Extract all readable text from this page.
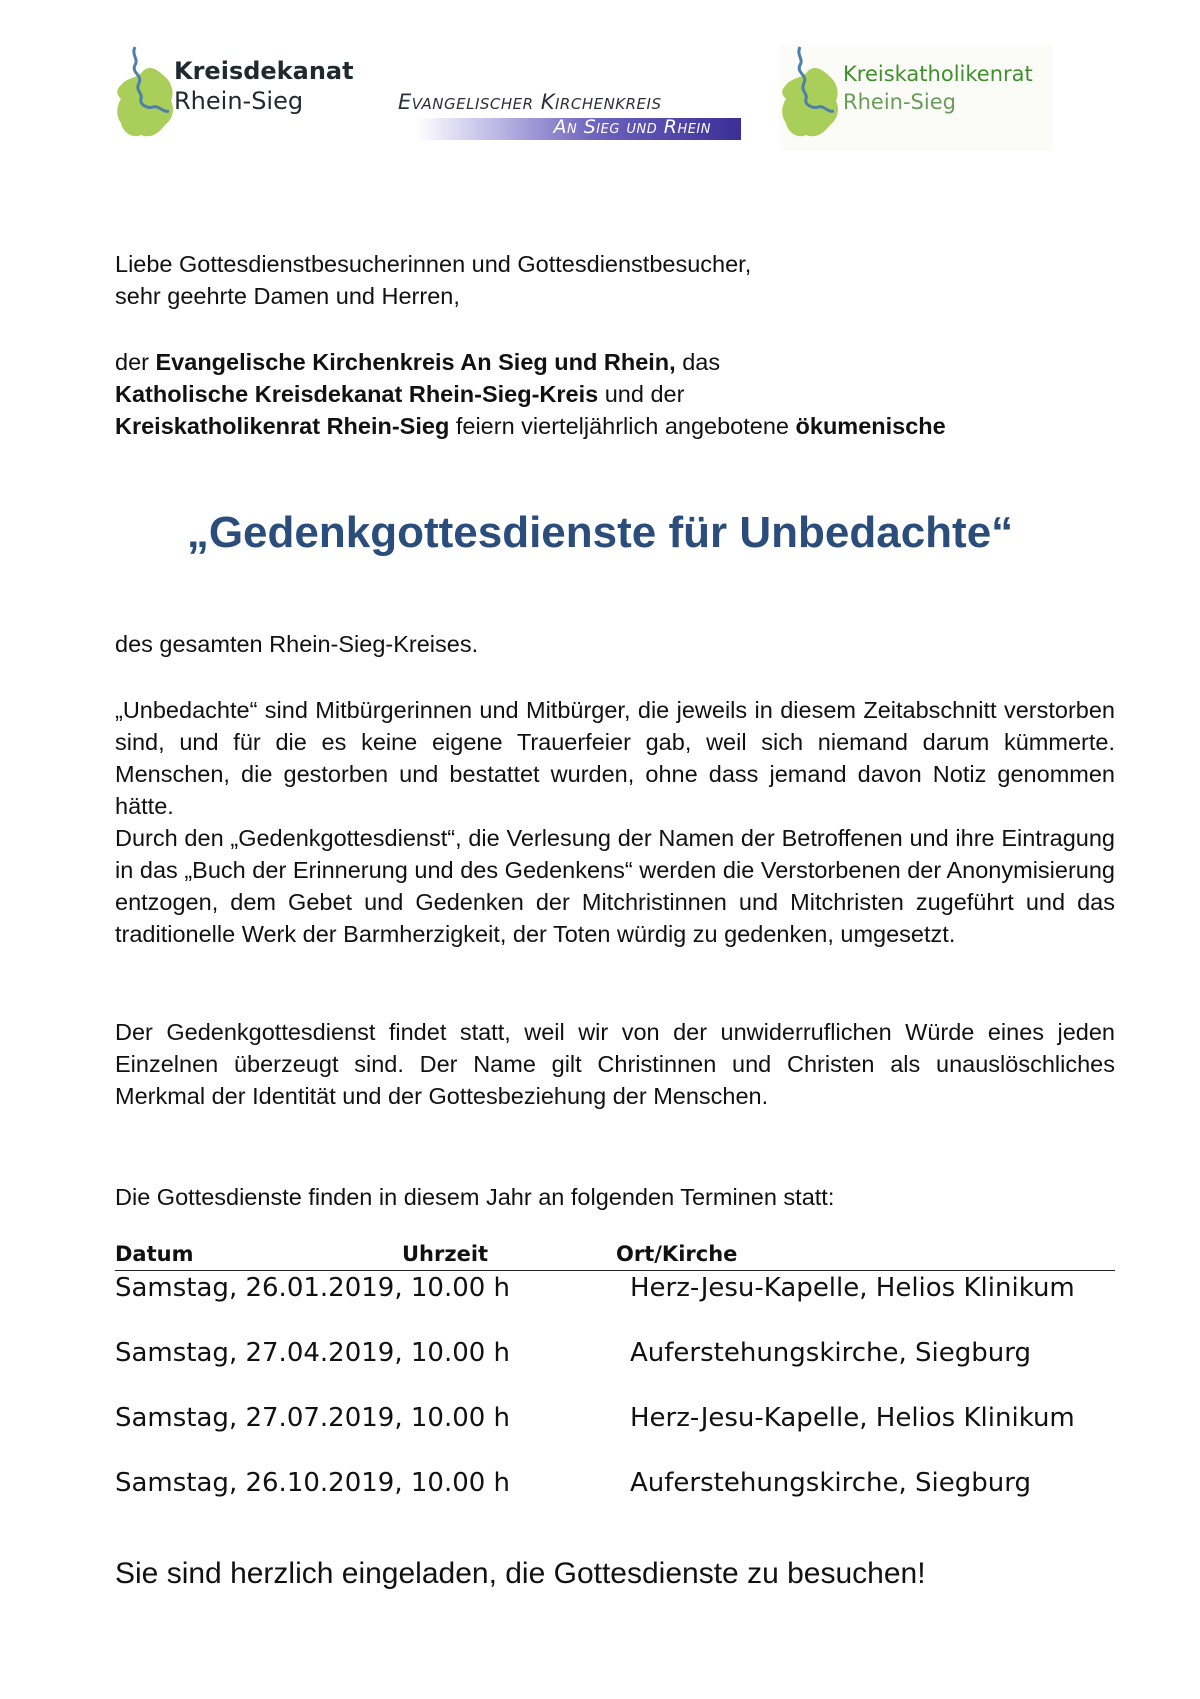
Kreisdekanat
Rhein-Sieg	Evangelischer Kirchenkreis
An Sieg und Rhein
Kreiskatholikenrat
Rhein-Sieg
Liebe Gottesdienstbesucherinnen und Gottesdienstbesucher,
sehr geehrte Damen und Herren,
der Evangelische Kirchenkreis An Sieg und Rhein, das
Katholische Kreisdekanat Rhein-Sieg-Kreis und der
Kreiskatholikenrat Rhein-Sieg feiern vierteljährlich angebotene ökumenische
„Gedenkgottesdienste für Unbedachte“
des gesamten Rhein-Sieg-Kreises.
„Unbedachte“ sind Mitbürgerinnen und Mitbürger, die jeweils in diesem Zeitabschnitt verstorben sind, und für die es keine eigene Trauerfeier gab, weil sich niemand darum kümmerte. Menschen, die gestorben und bestattet wurden, ohne dass jemand davon Notiz genommen hätte.
Durch den „Gedenkgottesdienst“, die Verlesung der Namen der Betroffenen und ihre Eintragung in das „Buch der Erinnerung und des Gedenkens“ werden die Verstorbenen der Anonymisierung entzogen, dem Gebet und Gedenken der Mitchristinnen und Mitchristen zugeführt und das traditionelle Werk der Barmherzigkeit, der Toten würdig zu gedenken, umgesetzt.
Der Gedenkgottesdienst findet statt, weil wir von der unwiderruflichen Würde eines jeden Einzelnen überzeugt sind. Der Name gilt Christinnen und Christen als unauslöschliches Merkmal der Identität und der Gottesbeziehung der Menschen.
Die Gottesdienste finden in diesem Jahr an folgenden Terminen statt:
Datum	Uhrzeit	Ort/Kirche
Samstag, 26.01.2019, 10.00 h	Herz-Jesu-Kapelle, Helios Klinikum
Samstag, 27.04.2019, 10.00 h	Auferstehungskirche, Siegburg
Samstag, 27.07.2019, 10.00 h	Herz-Jesu-Kapelle, Helios Klinikum
Samstag, 26.10.2019, 10.00 h	Auferstehungskirche, Siegburg
Sie sind herzlich eingeladen, die Gottesdienste zu besuchen!
